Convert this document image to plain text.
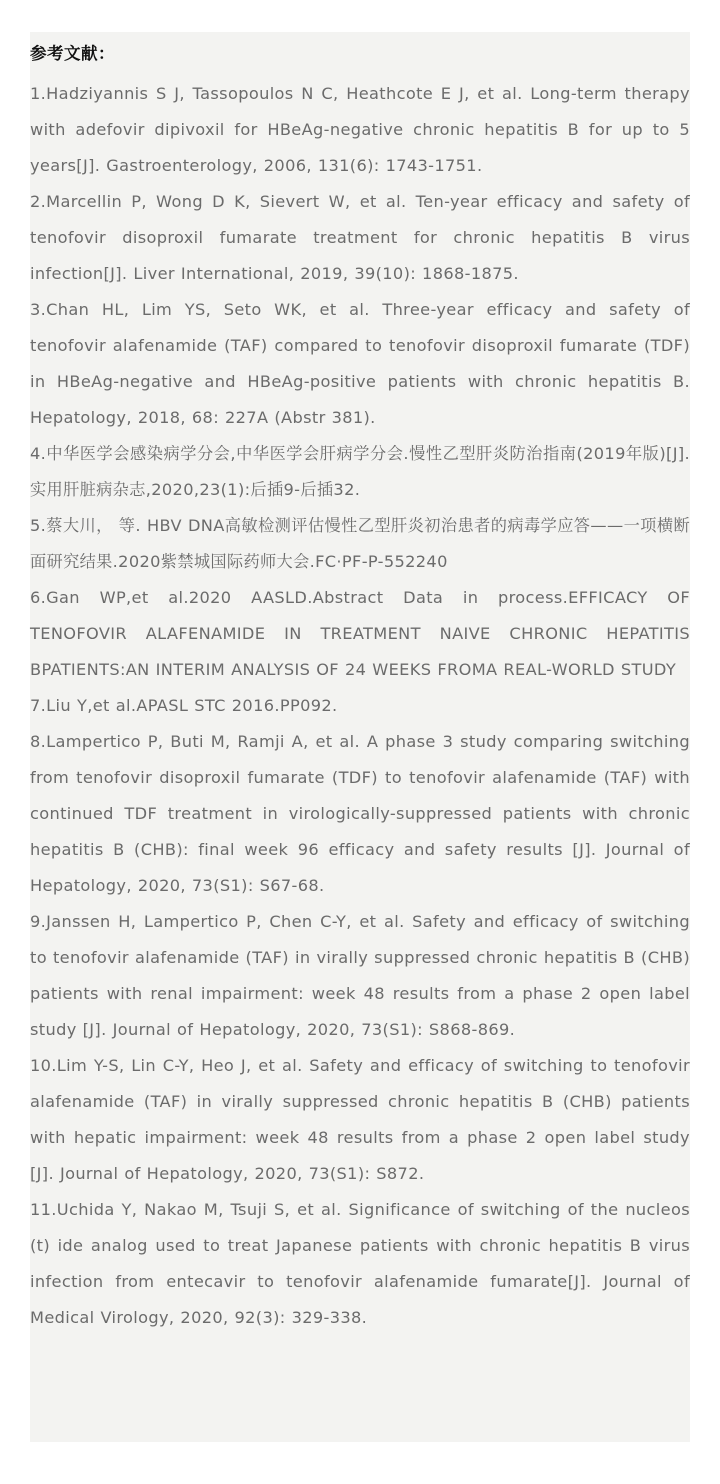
参考文献：
1.Hadziyannis S J, Tassopoulos N C, Heathcote E J, et al. Long-term therapy with adefovir dipivoxil for HBeAg-negative chronic hepatitis B for up to 5 years[J]. Gastroenterology, 2006, 131(6): 1743-1751.
2.Marcellin P, Wong D K, Sievert W, et al. Ten-year efficacy and safety of tenofovir disoproxil fumarate treatment for chronic hepatitis B virus infection[J]. Liver International, 2019, 39(10): 1868-1875.
3.Chan HL, Lim YS, Seto WK, et al. Three-year efficacy and safety of tenofovir alafenamide (TAF) compared to tenofovir disoproxil fumarate (TDF) in HBeAg-negative and HBeAg-positive patients with chronic hepatitis B. Hepatology, 2018, 68: 227A (Abstr 381).
4.中华医学会感染病学分会,中华医学会肝病学分会.慢性乙型肝炎防治指南(2019年版)[J].实用肝脏病杂志,2020,23(1):后插9-后插32.
5.蔡大川， 等. HBV DNA高敏检测评估慢性乙型肝炎初治患者的病毒学应答——一项横断面研究结果.2020紫禁城国际药师大会.FC·PF-P-552240
6.Gan WP,et al.2020 AASLD.Abstract Data in process.EFFICACY OF TENOFOVIR ALAFENAMIDE IN TREATMENT NAIVE CHRONIC HEPATITIS BPATIENTS:AN INTERIM ANALYSIS OF 24 WEEKS FROMA REAL-WORLD STUDY
7.Liu Y,et al.APASL STC 2016.PP092.
8.Lampertico P, Buti M, Ramji A, et al. A phase 3 study comparing switching from tenofovir disoproxil fumarate (TDF) to tenofovir alafenamide (TAF) with continued TDF treatment in virologically-suppressed patients with chronic hepatitis B (CHB): final week 96 efficacy and safety results [J]. Journal of Hepatology, 2020, 73(S1): S67-68.
9.Janssen H, Lampertico P, Chen C-Y, et al. Safety and efficacy of switching to tenofovir alafenamide (TAF) in virally suppressed chronic hepatitis B (CHB) patients with renal impairment: week 48 results from a phase 2 open label study [J]. Journal of Hepatology, 2020, 73(S1): S868-869.
10.Lim Y-S, Lin C-Y, Heo J, et al. Safety and efficacy of switching to tenofovir alafenamide (TAF) in virally suppressed chronic hepatitis B (CHB) patients with hepatic impairment: week 48 results from a phase 2 open label study [J]. Journal of Hepatology, 2020, 73(S1): S872.
11.Uchida Y, Nakao M, Tsuji S, et al. Significance of switching of the nucleos (t) ide analog used to treat Japanese patients with chronic hepatitis B virus infection from entecavir to tenofovir alafenamide fumarate[J]. Journal of Medical Virology, 2020, 92(3): 329-338.
